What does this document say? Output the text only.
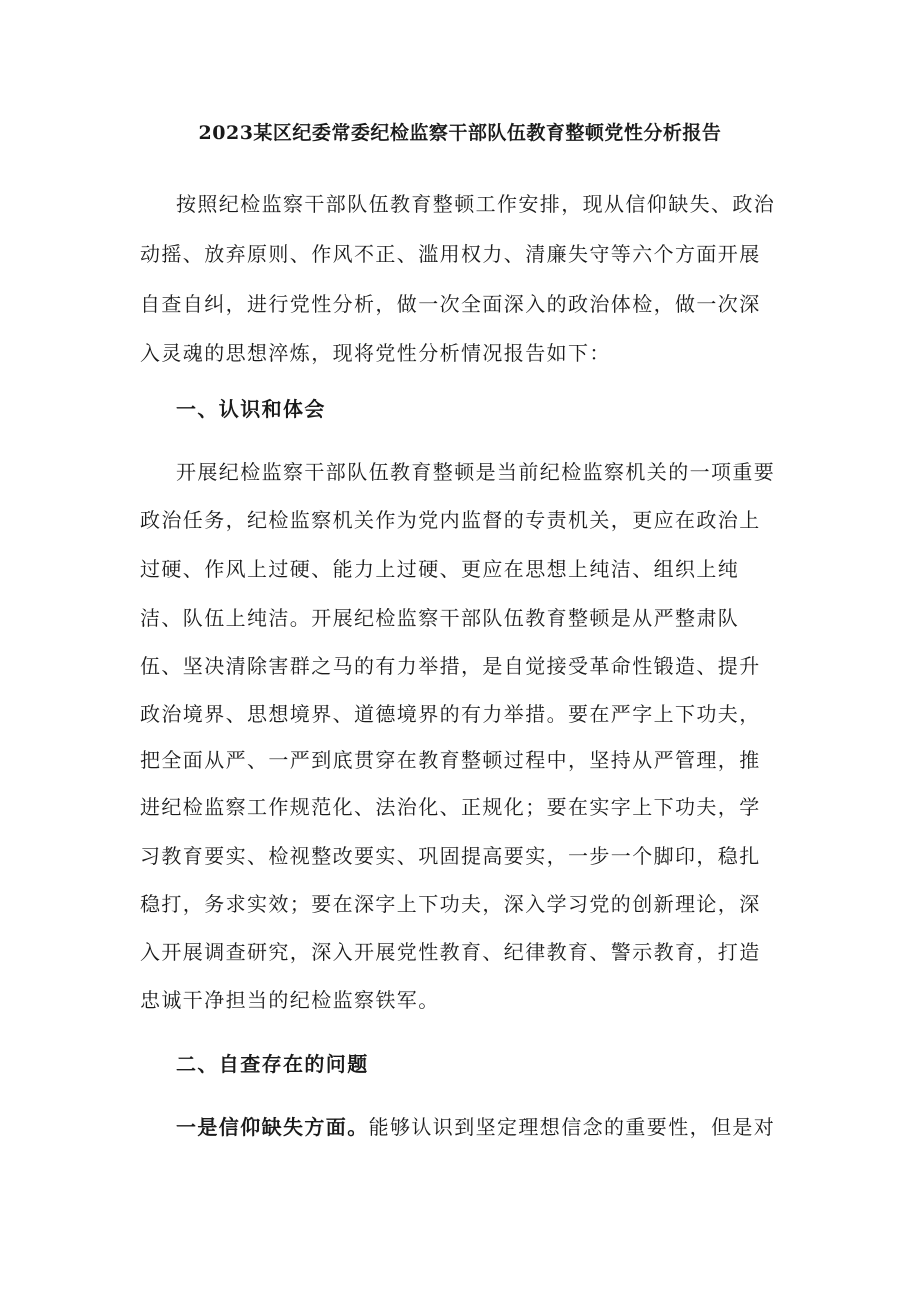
2023某区纪委常委纪检监察干部队伍教育整顿党性分析报告
按照纪检监察干部队伍教育整顿工作安排，现从信仰缺失、政治
动摇、放弃原则、作风不正、滥用权力、清廉失守等六个方面开展
自查自纠，进行党性分析，做一次全面深入的政治体检，做一次深
入灵魂的思想淬炼，现将党性分析情况报告如下：
一、认识和体会
开展纪检监察干部队伍教育整顿是当前纪检监察机关的一项重要
政治任务，纪检监察机关作为党内监督的专责机关，更应在政治上
过硬、作风上过硬、能力上过硬、更应在思想上纯洁、组织上纯
洁、队伍上纯洁。开展纪检监察干部队伍教育整顿是从严整肃队
伍、坚决清除害群之马的有力举措，是自觉接受革命性锻造、提升
政治境界、思想境界、道德境界的有力举措。要在严字上下功夫，
把全面从严、一严到底贯穿在教育整顿过程中，坚持从严管理，推
进纪检监察工作规范化、法治化、正规化；要在实字上下功夫，学
习教育要实、检视整改要实、巩固提高要实，一步一个脚印，稳扎
稳打，务求实效；要在深字上下功夫，深入学习党的创新理论，深
入开展调查研究，深入开展党性教育、纪律教育、警示教育，打造
忠诚干净担当的纪检监察铁军。
二、自查存在的问题
一是信仰缺失方面。能够认识到坚定理想信念的重要性，但是对
